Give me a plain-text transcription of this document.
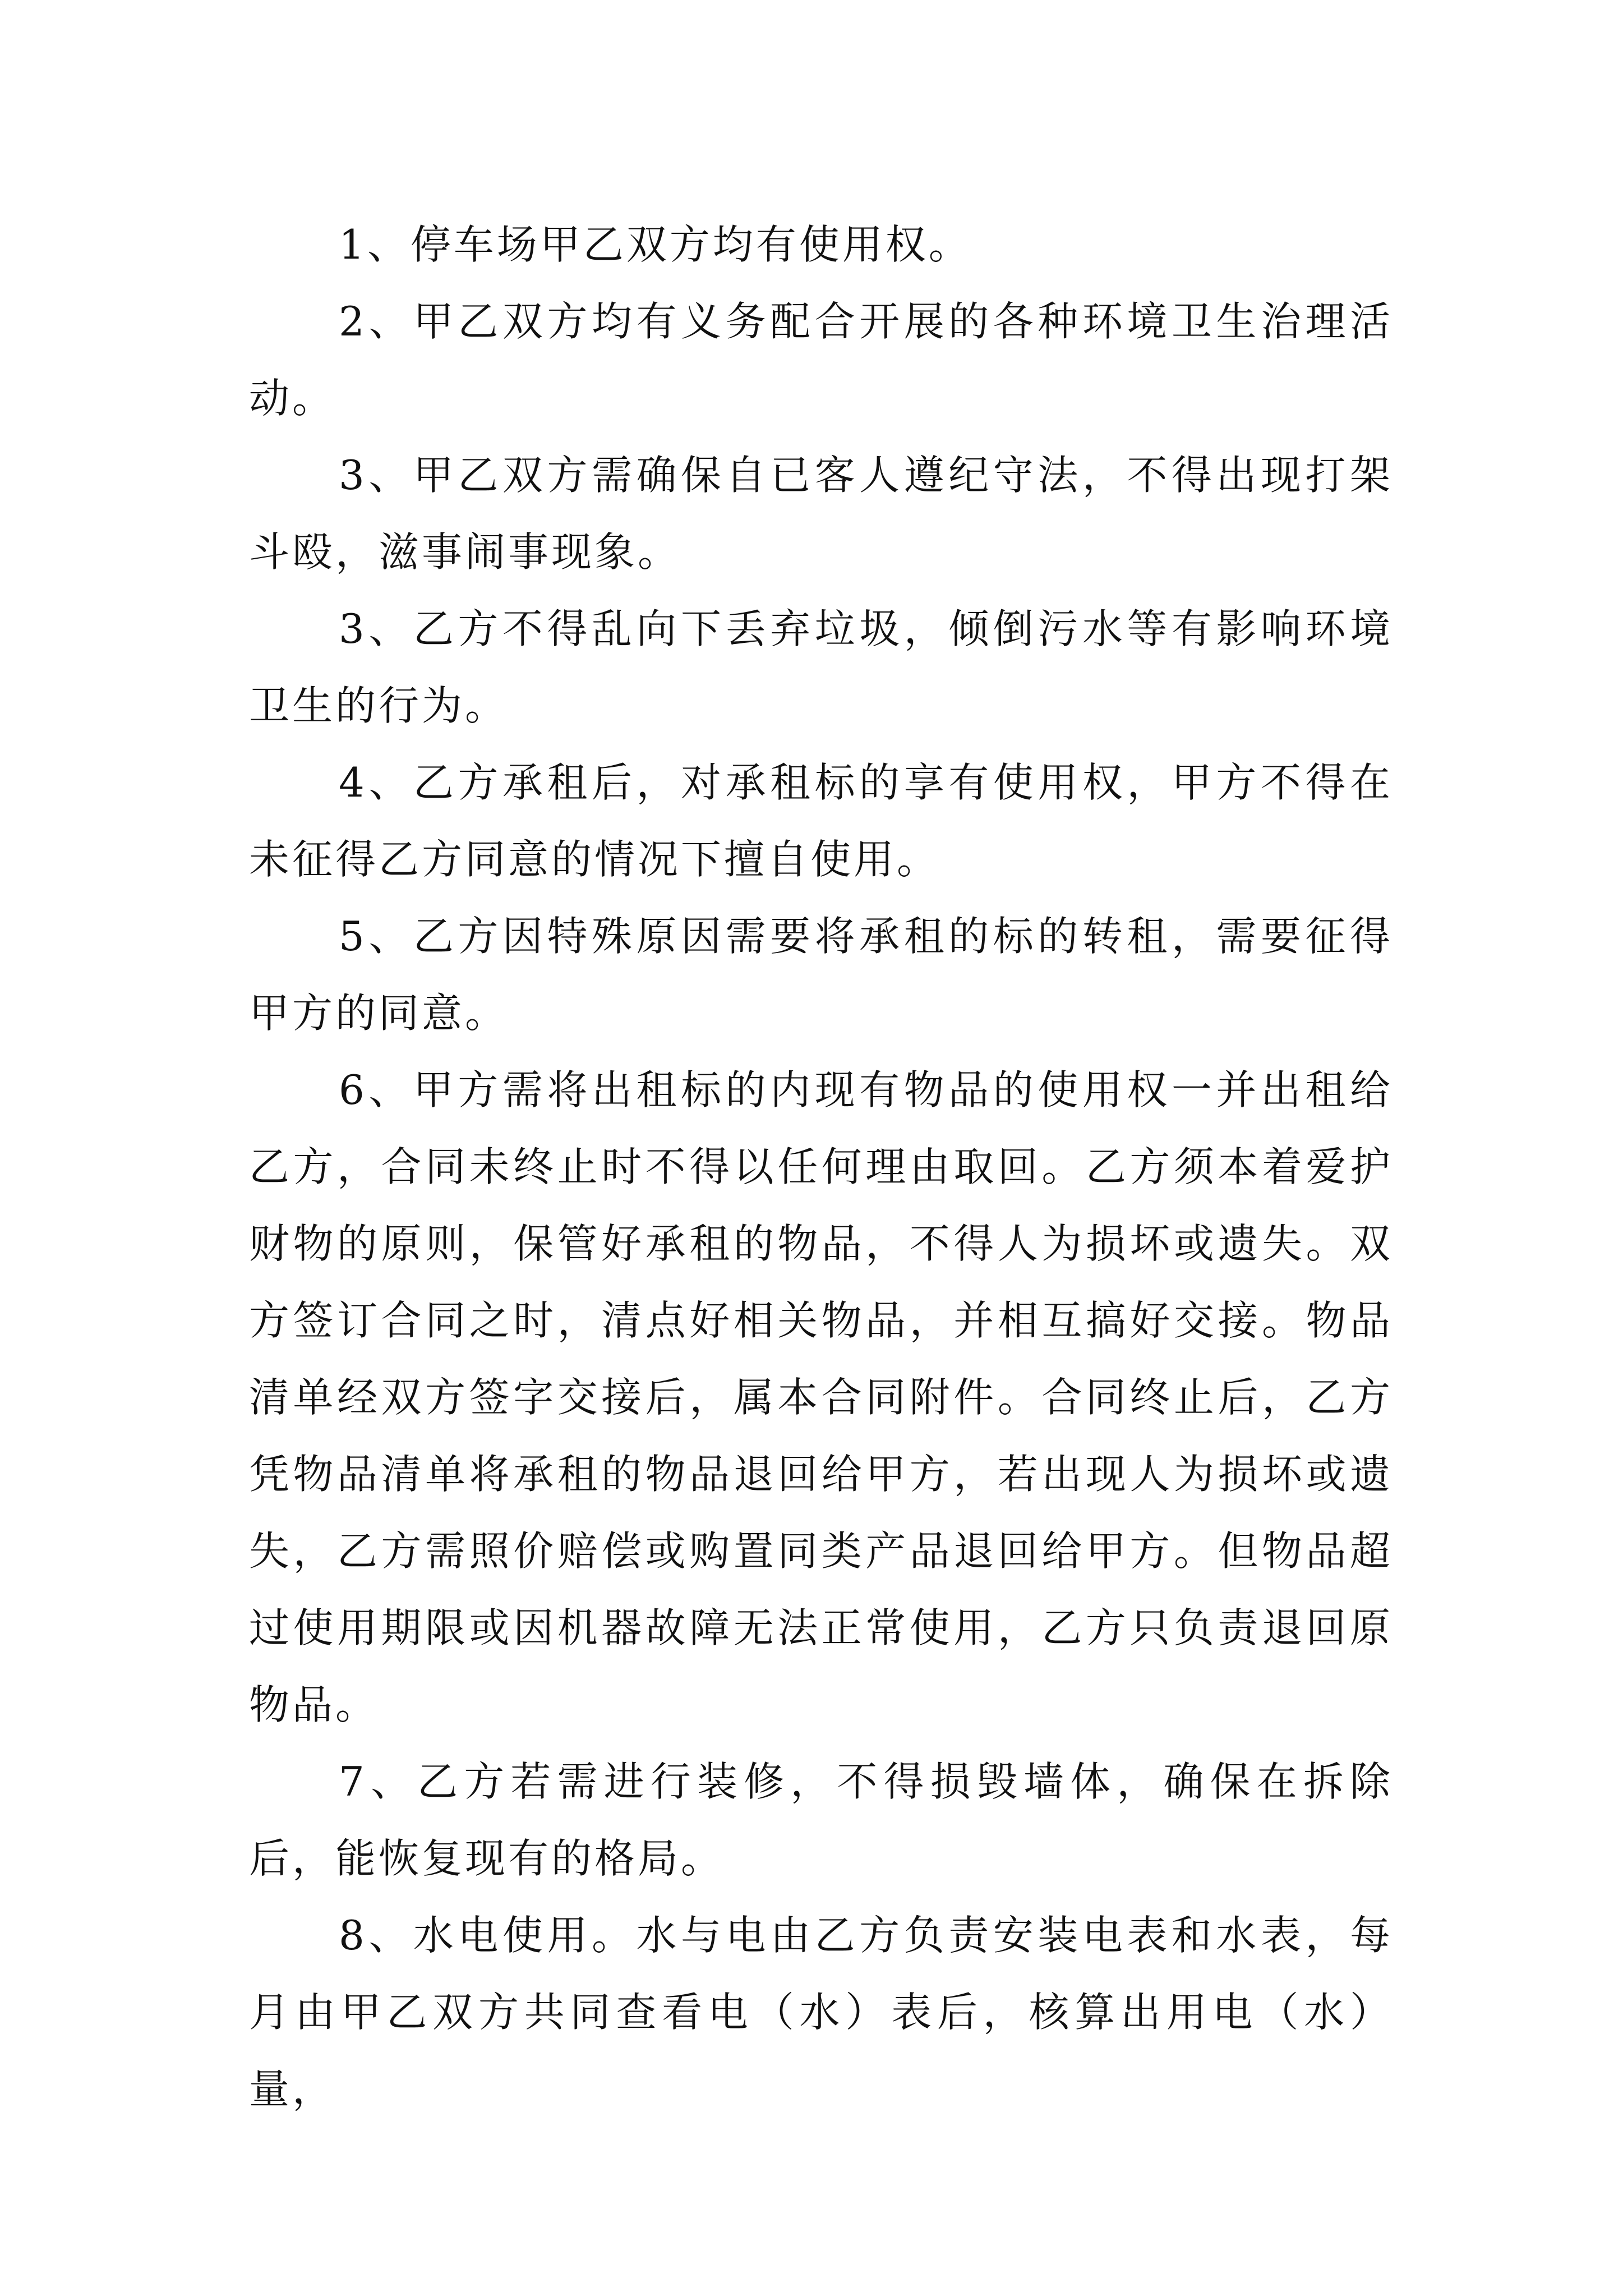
1、停车场甲乙双方均有使用权。

2、甲乙双方均有义务配合开展的各种环境卫生治理活动。

3、甲乙双方需确保自已客人遵纪守法，不得出现打架斗殴，滋事闹事现象。

3、乙方不得乱向下丢弃垃圾，倾倒污水等有影响环境卫生的行为。

4、乙方承租后，对承租标的享有使用权，甲方不得在未征得乙方同意的情况下擅自使用。

5、乙方因特殊原因需要将承租的标的转租，需要征得甲方的同意。

6、甲方需将出租标的内现有物品的使用权一并出租给乙方，合同未终止时不得以任何理由取回。乙方须本着爱护财物的原则，保管好承租的物品，不得人为损坏或遗失。双方签订合同之时，清点好相关物品，并相互搞好交接。物品清单经双方签字交接后，属本合同附件。合同终止后，乙方凭物品清单将承租的物品退回给甲方，若出现人为损坏或遗失，乙方需照价赔偿或购置同类产品退回给甲方。但物品超过使用期限或因机器故障无法正常使用，乙方只负责退回原物品。

7、乙方若需进行装修，不得损毁墙体，确保在拆除后，能恢复现有的格局。

8、水电使用。水与电由乙方负责安装电表和水表，每月由甲乙双方共同查看电（水）表后，核算出用电（水）量，
